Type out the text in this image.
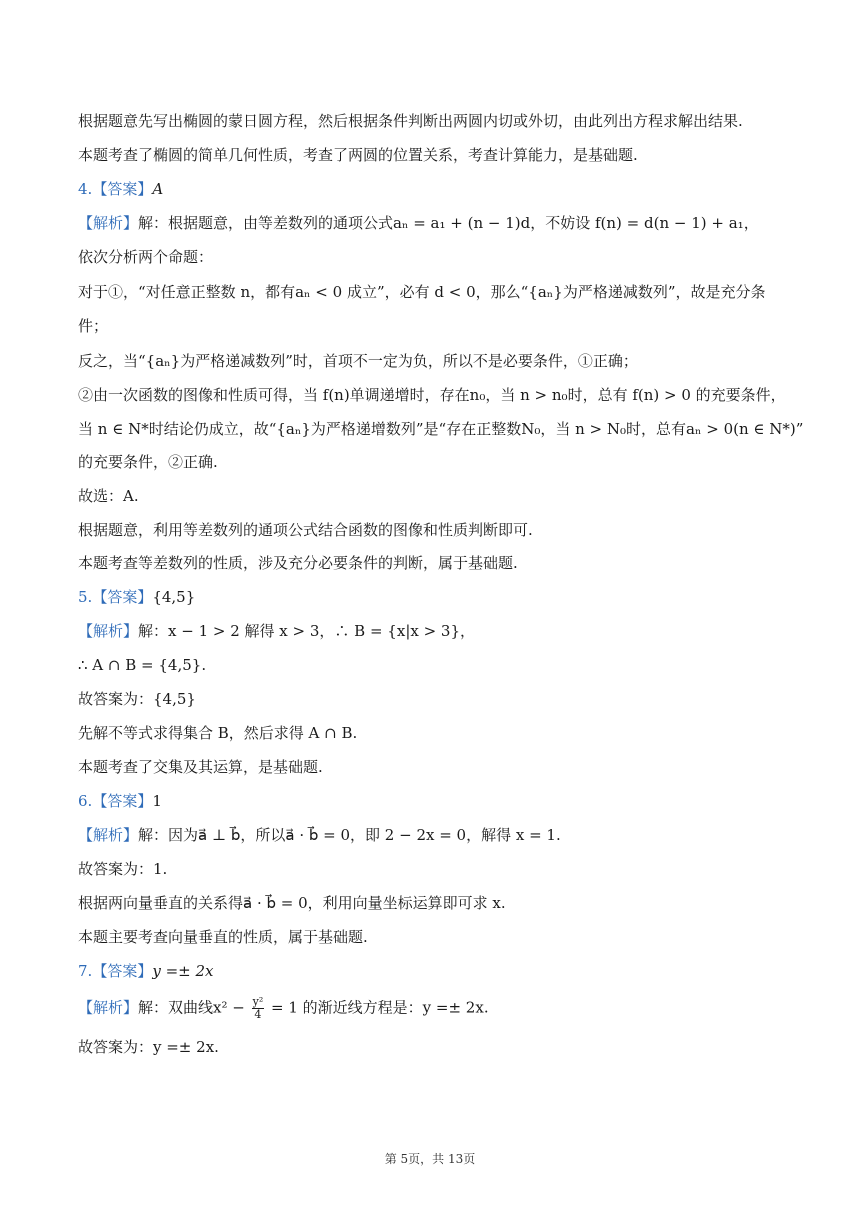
根据题意先写出椭圆的蒙日圆方程，然后根据条件判断出两圆内切或外切，由此列出方程求解出结果.
本题考查了椭圆的简单几何性质，考查了两圆的位置关系，考查计算能力，是基础题.
4.【答案】A
【解析】解：根据题意，由等差数列的通项公式aₙ = a₁ + (n − 1)d，不妨设 f(n) = d(n − 1) + a₁，
依次分析两个命题：
对于①，“对任意正整数 n，都有aₙ < 0 成立”，必有 d < 0，那么“{aₙ}为严格递减数列”，故是充分条
件；
反之，当“{aₙ}为严格递减数列”时，首项不一定为负，所以不是必要条件，①正确；
②由一次函数的图像和性质可得，当 f(n)单调递增时，存在n₀，当 n > n₀时，总有 f(n) > 0 的充要条件，
当 n ∈ N*时结论仍成立，故“{aₙ}为严格递增数列”是“存在正整数N₀，当 n > N₀时，总有aₙ > 0(n ∈ N*)”
的充要条件，②正确.
故选：A.
根据题意，利用等差数列的通项公式结合函数的图像和性质判断即可.
本题考查等差数列的性质，涉及充分必要条件的判断，属于基础题.
5.【答案】{4,5}
【解析】解：x − 1 > 2 解得 x > 3，∴ B = {x|x > 3}，
∴ A ∩ B = {4,5}.
故答案为：{4,5}
先解不等式求得集合 B，然后求得 A ∩ B.
本题考查了交集及其运算，是基础题.
6.【答案】1
【解析】解：因为a⃗ ⊥ b⃗，所以a⃗ · b⃗ = 0，即 2 − 2x = 0，解得 x = 1.
故答案为：1.
根据两向量垂直的关系得a⃗ · b⃗ = 0，利用向量坐标运算即可求 x.
本题主要考查向量垂直的性质，属于基础题.
7.【答案】y =± 2x
【解析】解：双曲线$x^2 - \frac{\text{y²}}{4} = 1$ 的渐近线方程是：y =± 2x.
故答案为：y =± 2x.
第 5页，共 13页
